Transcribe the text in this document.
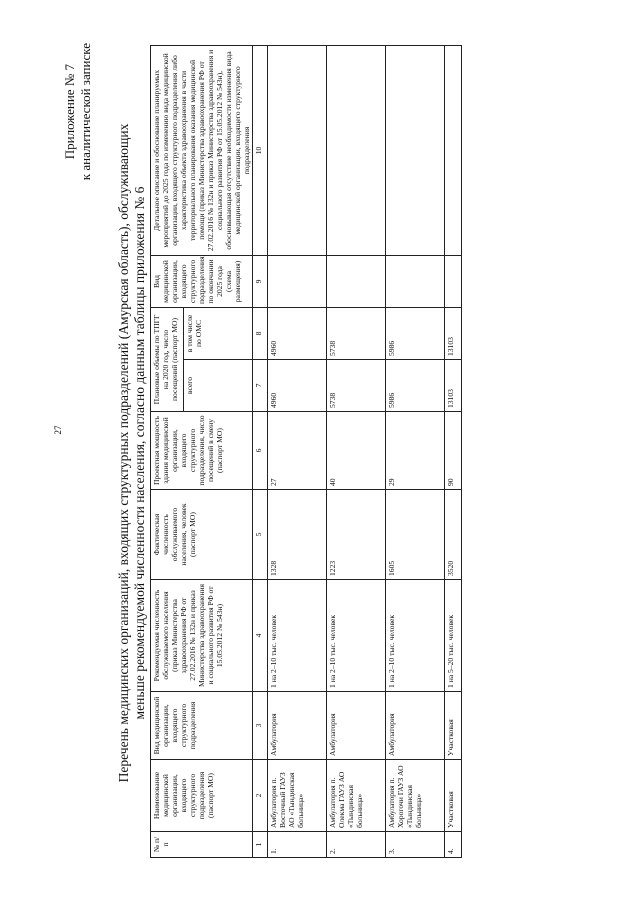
27
Приложение № 7 к аналитической записке
Перечень медицинских организаций, входящих структурных подразделений (Амурская область), обслуживающих меньше рекомендуемой численности населения, согласно данным таблицы приложения № 6
№ п/п	Наименование медицинской организации, входящего структурного подразделения (паспорт МО)	Вид медицинской организации, входящего структурного подразделения	Рекомендуемая численность обслуживаемого населения (приказ Министерства здравоохранения РФ от 27.02.2016 № 132н и приказ Министерства здравоохранения и социального развития РФ от 15.05.2012 № 543н)	Фактическая численность обслуживаемого населения, человек (паспорт МО)	Проектная мощность здания медицинской организации, входящего структурного подразделения, число посещений в смену (паспорт МО)	Плановые объемы по ТПГГ на 2020 год, число посещений (паспорт МО)		Вид медицинской организации, входящего структурного подразделения, по окончании 2025 года (схема размещения)	Детальное описание и обоснование планируемых мероприятий до 2025 года по изменению вида медицинской организации, входящего структурного подразделения либо характеристика объекта здравоохранения в части территориального планирования оказания медицинской помощи (приказ Министерства здравоохранения РФ от 27.02.2016 № 132н и приказ Министерства здравоохранения и социального развития РФ от 15.05.2012 № 543н), обосновывающая отсутствие необходимости изменения вида медицинской организации, входящего структурного подразделения
						всего	в том числе по ОМС		
1	2	3	4	5	6	7	8	9	10
1.	Амбулатория п. Восточный ГАУЗ АО «Тындинская больница»	Амбулатория	1 на 2–10 тыс. человек	1328	27	4960	4960		
2.	Амбулатория п. Олекма ГАУЗ АО «Тындинская больница»	Амбулатория	1 на 2–10 тыс. человек	1223	40	5738	5738		
3.	Амбулатория п. Хорогочи ГАУЗ АО «Тындинская больница»	Амбулатория	1 на 2–10 тыс. человек	1605	29	5986	5986		
4.	Участковая	Участковая	1 на 5–20 тыс. человек	3520	90	13103	13103		
